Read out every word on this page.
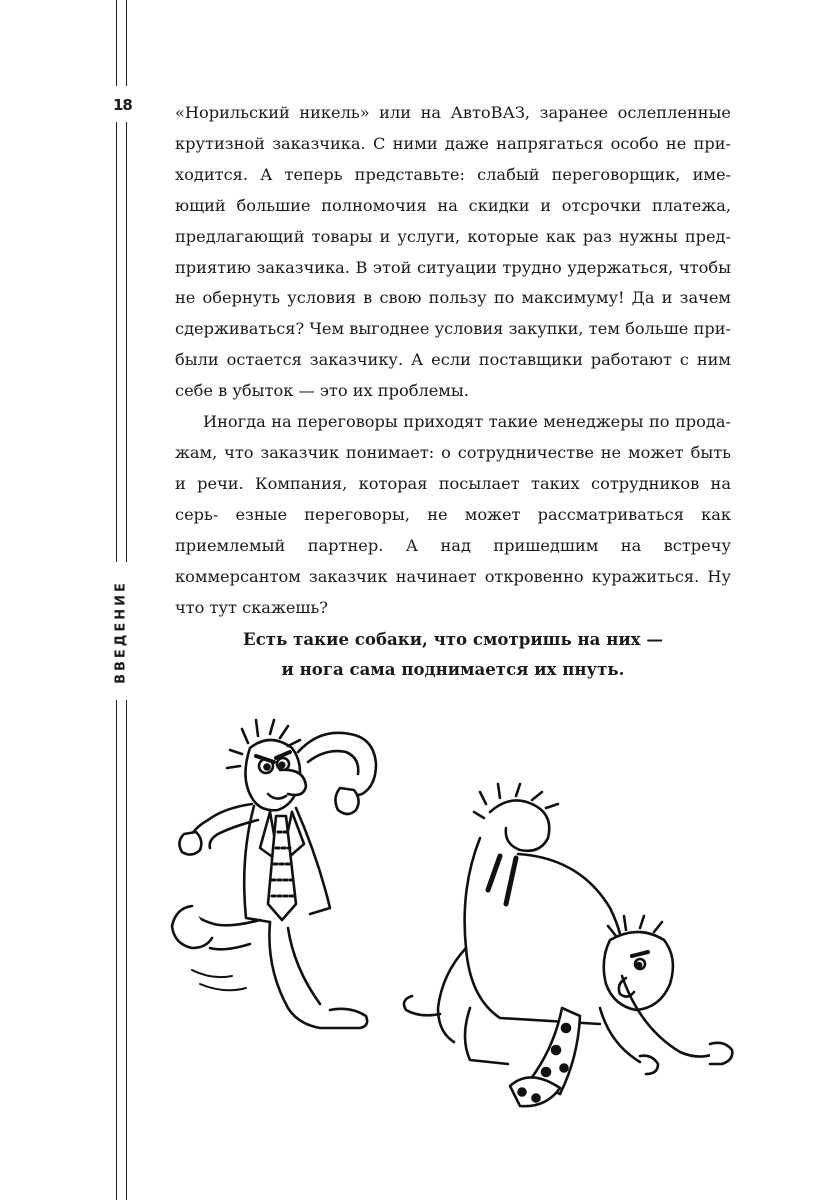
18
ВВЕДЕНИЕ

«Норильский никель» или на АвтоВАЗ, заранее ослепленные крутизной заказчика. С ними даже напрягаться особо не при- ходится. А теперь представьте: слабый переговорщик, име- ющий большие полномочия на скидки и отсрочки платежа, предлагающий товары и услуги, которые как раз нужны пред- приятию заказчика. В этой ситуации трудно удержаться, чтобы не обернуть условия в свою пользу по максимуму! Да и зачем сдерживаться? Чем выгоднее условия закупки, тем больше при- были остается заказчику. А если поставщики работают с ним себе в убыток — это их проблемы.

Иногда на переговоры приходят такие менеджеры по прода- жам, что заказчик понимает: о сотрудничестве не может быть и речи. Компания, которая посылает таких сотрудников на серь- езные переговоры, не может рассматриваться как приемлемый партнер. А над пришедшим на встречу коммерсантом заказчик начинает откровенно куражиться. Ну что тут скажешь?

Есть такие собаки, что смотришь на них —
и нога сама поднимается их пнуть.
